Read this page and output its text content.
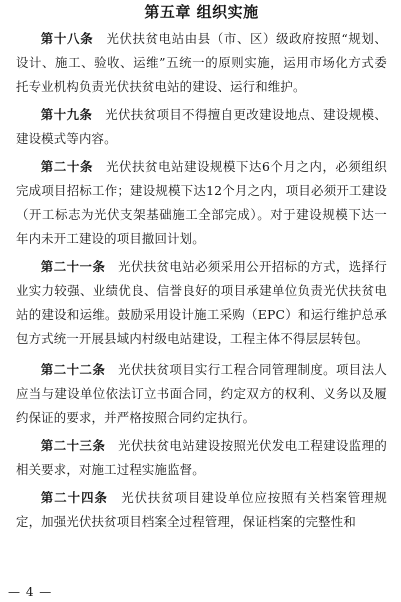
第五章 组织实施

第十八条  光伏扶贫电站由县（市、区）级政府按照“规划、设计、施工、验收、运维”五统一的原则实施，运用市场化方式委托专业机构负责光伏扶贫电站的建设、运行和维护。

第十九条  光伏扶贫项目不得擅自更改建设地点、建设规模、建设模式等内容。

第二十条  光伏扶贫电站建设规模下达6个月之内，必须组织完成项目招标工作；建设规模下达12个月之内，项目必须开工建设（开工标志为光伏支架基础施工全部完成）。对于建设规模下达一年内未开工建设的项目撤回计划。

第二十一条  光伏扶贫电站必须采用公开招标的方式，选择行业实力较强、业绩优良、信誉良好的项目承建单位负责光伏扶贫电站的建设和运维。鼓励采用设计施工采购（EPC）和运行维护总承包方式统一开展县域内村级电站建设，工程主体不得层层转包。

第二十二条  光伏扶贫项目实行工程合同管理制度。项目法人应当与建设单位依法订立书面合同，约定双方的权利、义务以及履约保证的要求，并严格按照合同约定执行。

第二十三条  光伏扶贫电站建设按照光伏发电工程建设监理的相关要求，对施工过程实施监督。

第二十四条  光伏扶贫项目建设单位应按照有关档案管理规定，加强光伏扶贫项目档案全过程管理，保证档案的完整性和

— 4 —
